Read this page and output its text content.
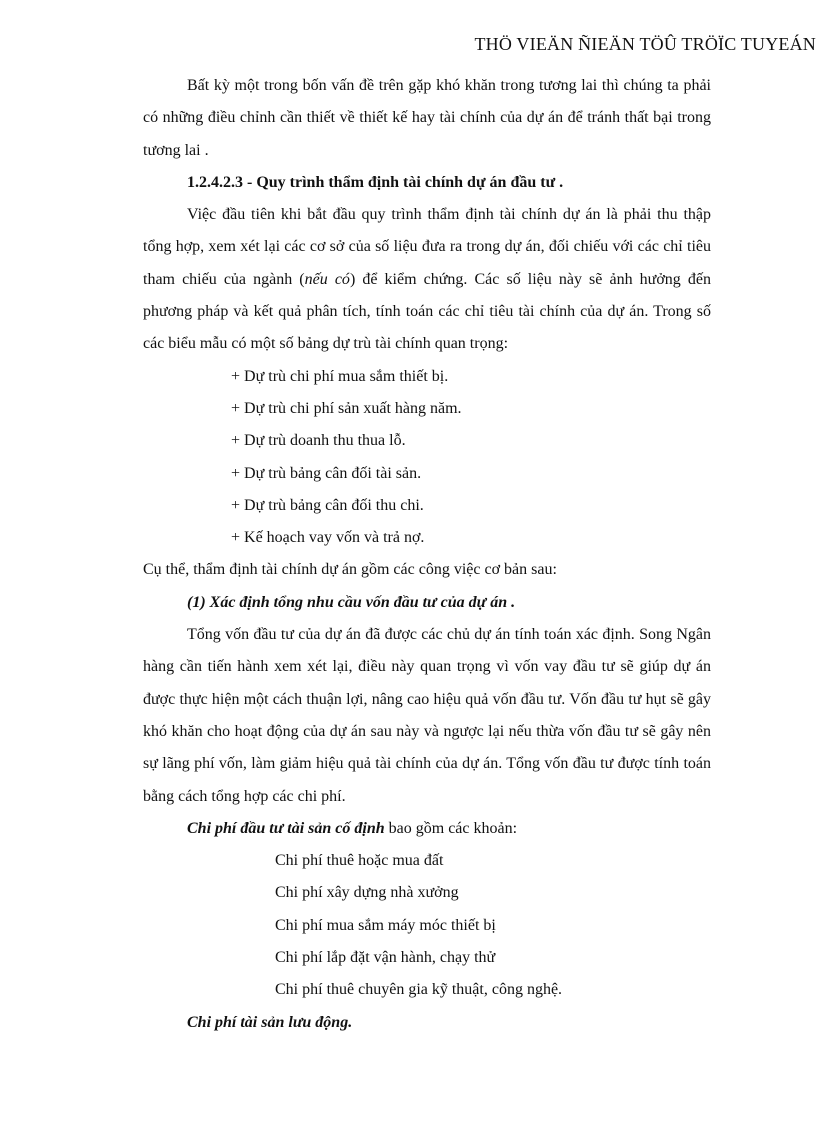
THÖ VIEÄN ÑIEÄN TÖÛ TRÖÏC TUYEÁN

Bất kỳ một trong bốn vấn đề trên gặp khó khăn trong tương lai thì chúng ta phải có những điều chỉnh cần thiết về thiết kế hay tài chính của dự án để tránh thất bại trong tương lai .

1.2.4.2.3 - Quy trình thẩm định tài chính dự án đầu tư .

Việc đầu tiên khi bắt đầu quy trình thẩm định tài chính dự án là phải thu thập tổng hợp, xem xét lại các cơ sở của số liệu đưa ra trong dự án, đối chiếu với các chỉ tiêu tham chiếu của ngành (nếu có) để kiểm chứng. Các số liệu này sẽ ảnh hưởng đến phương pháp và kết quả phân tích, tính toán các chỉ tiêu tài chính của dự án. Trong số các biểu mẫu có một số bảng dự trù tài chính quan trọng:

+ Dự trù chi phí mua sắm thiết bị.

+ Dự trù chi phí sản xuất hàng năm.

+ Dự trù doanh thu thua lỗ.

+ Dự trù bảng cân đối tài sản.

+ Dự trù bảng cân đối thu chi.

+ Kế hoạch vay vốn và trả nợ.

Cụ thể, thẩm định tài chính dự án gồm các công việc cơ bản sau:

(1) Xác định tổng nhu cầu vốn đầu tư của dự án .

Tổng vốn đầu tư của dự án đã được các chủ dự án tính toán xác định. Song Ngân hàng cần tiến hành xem xét lại, điều này quan trọng vì vốn vay đầu tư sẽ giúp dự án được thực hiện một cách thuận lợi, nâng cao hiệu quả vốn đầu tư. Vốn đầu tư hụt sẽ gây khó khăn cho hoạt động của dự án sau này và ngược lại nếu thừa vốn đầu tư sẽ gây nên sự lãng phí vốn, làm giảm hiệu quả tài chính của dự án. Tổng vốn đầu tư được tính toán bằng cách tổng hợp các chi phí.

Chi phí đầu tư tài sản cố định bao gồm các khoản:

Chi phí thuê hoặc mua đất

Chi phí xây dựng nhà xưởng

Chi phí mua sắm máy móc thiết bị

Chi phí lắp đặt vận hành, chạy thử

Chi phí thuê chuyên gia kỹ thuật, công nghệ.

Chi phí tài sản lưu động.
